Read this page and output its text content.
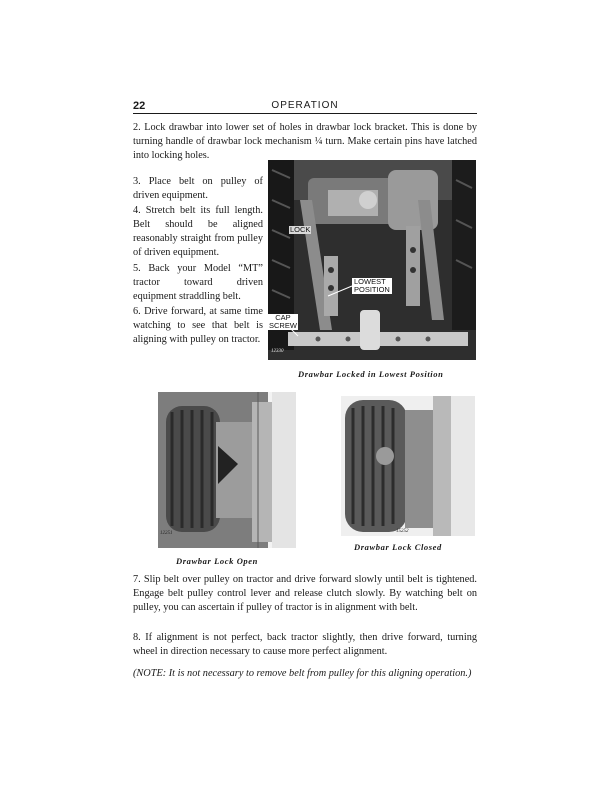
22	OPERATION

2. Lock drawbar into lower set of holes in drawbar lock bracket. This is done by turning handle of drawbar lock mechanism ¼ turn. Make certain pins have latched into locking holes.

3. Place belt on pulley of driven equipment.

4. Stretch belt its full length. Belt should be aligned reasonably straight from pulley of driven equipment.

5. Back your Model “MT” tractor toward driven equipment straddling belt.

6. Drive forward, at same time watching to see that belt is aligning with pulley on tractor.

LOCK
LOWEST
POSITION
CAP
SCREW
12330
Drawbar Locked in Lowest Position
12251
Drawbar Lock Open
15252
Drawbar Lock Closed

7. Slip belt over pulley on tractor and drive forward slowly until belt is tightened. Engage belt pulley control lever and release clutch slowly. By watching belt on pulley, you can ascertain if pulley of tractor is in alignment with belt.

8. If alignment is not perfect, back tractor slightly, then drive forward, turning wheel in direction necessary to cause more perfect alignment.

(NOTE: It is not necessary to remove belt from pulley for this aligning operation.)
